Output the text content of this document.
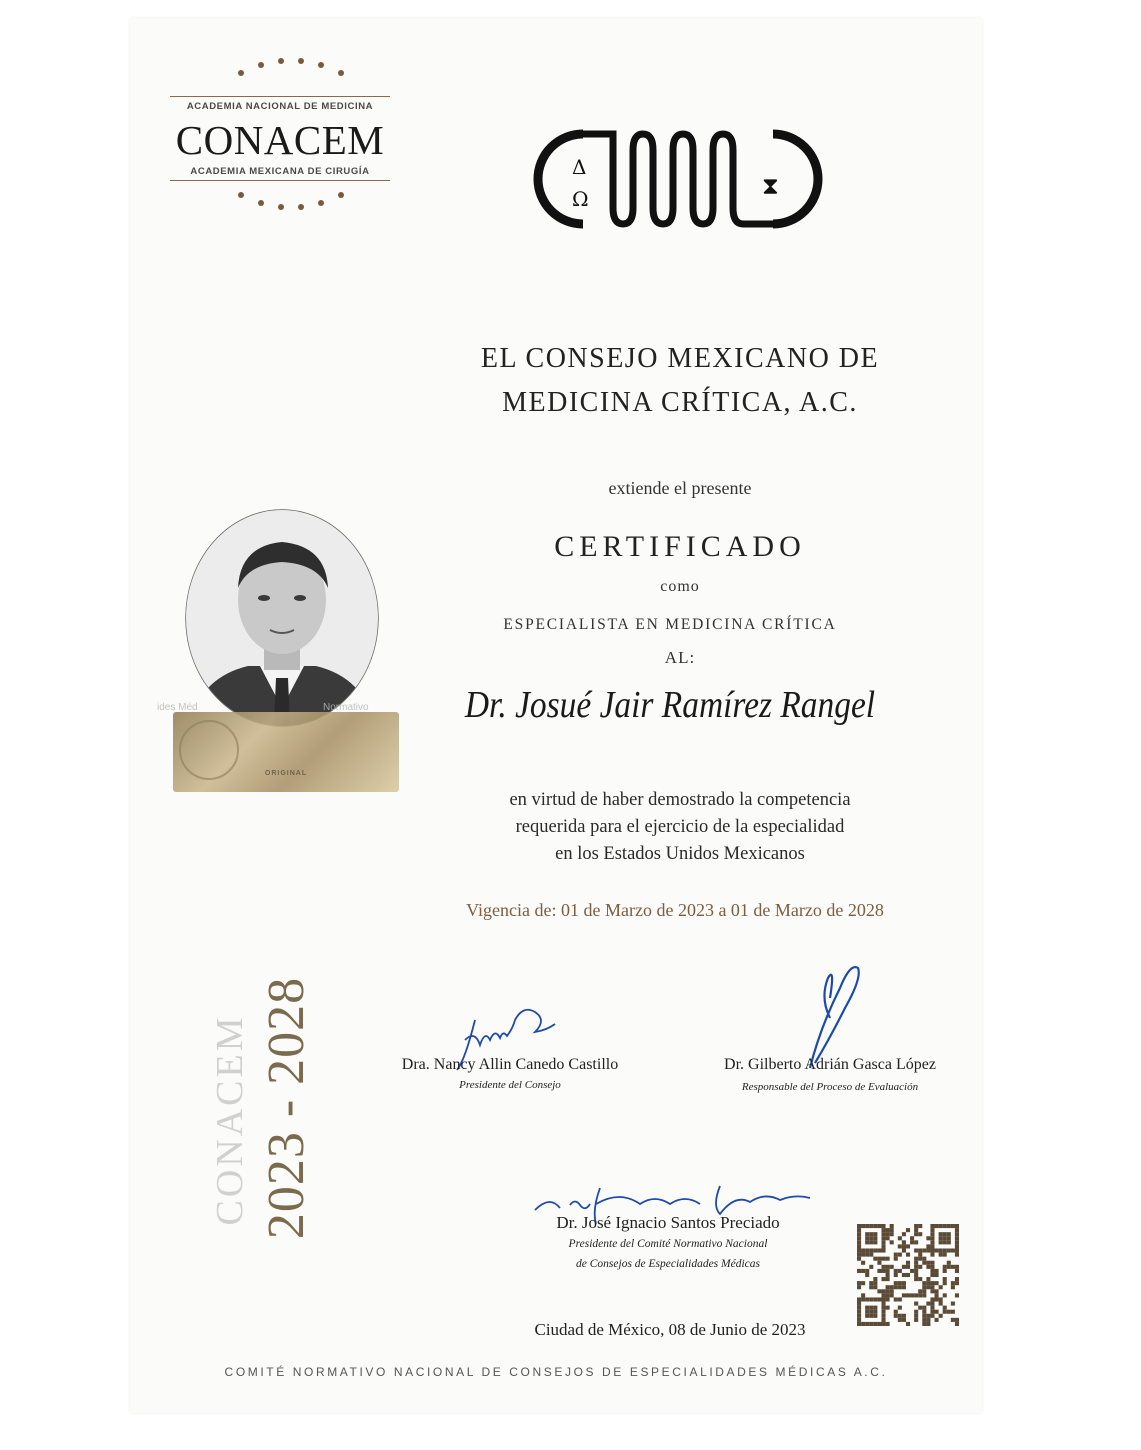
ACADEMIA NACIONAL DE MEDICINA
CONACEM
ACADEMIA MEXICANA DE CIRUGÍA	Δ
Ω	⧗
EL CONSEJO MEXICANO DE
MEDICINA CRÍTICA, A.C.
extiende el presente
CERTIFICADO
como
ESPECIALISTA EN MEDICINA CRÍTICA
AL:
Dr. Josué Jair Ramírez Rangel
ides Méd	Normativo
ORIGINAL
en virtud de haber demostrado la competencia
requerida para el ejercicio de la especialidad
en los Estados Unidos Mexicanos
Vigencia de: 01 de Marzo de 2023 a 01 de Marzo de 2028
CONACEM 2023 - 2028	Dra. Nancy Allin Canedo Castillo
Presidente del Consejo
Dr. Gilberto Adrián Gasca López
Responsable del Proceso de Evaluación
Dr. José Ignacio Santos Preciado
Presidente del Comité Normativo Nacional
de Consejos de Especialidades Médicas
Ciudad de México, 08 de Junio de 2023
COMITÉ NORMATIVO NACIONAL DE CONSEJOS DE ESPECIALIDADES MÉDICAS A.C.
